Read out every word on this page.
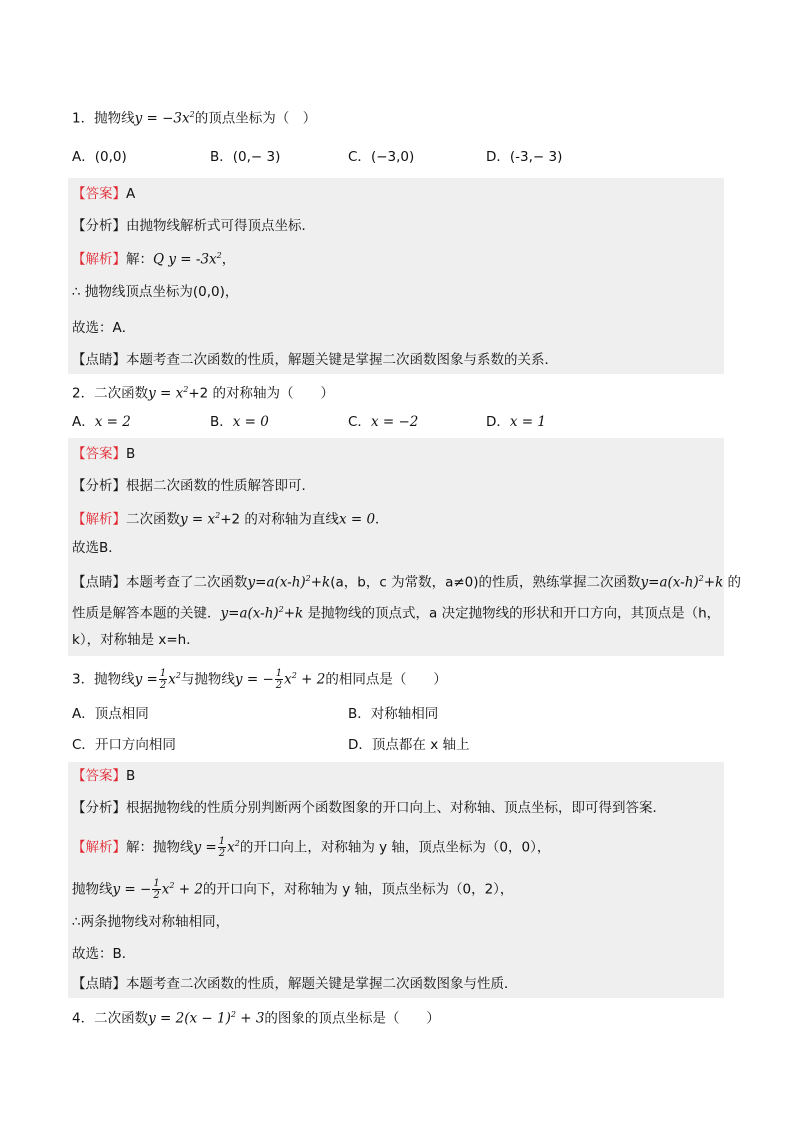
1．抛物线$y = -3x^2$的顶点坐标为（　）
A．(0,0)	B．(0,− 3)	C．(−3,0)	D．(-3,− 3)
【答案】A
【分析】由抛物线解析式可得顶点坐标．
【解析】解：Q $y = -3x^2$，
∴ 抛物线顶点坐标为(0,0)，
故选：A．
【点睛】本题考查二次函数的性质，解题关键是掌握二次函数图象与系数的关系．
2．二次函数$y = x^2+2$ 的对称轴为（　　）
A．x = 2	B．x = 0	C．x = −2	D．x = 1
【答案】B
【分析】根据二次函数的性质解答即可．
【解析】二次函数$y = x^2+2$ 的对称轴为直线x = 0．
故选B．
【点睛】本题考查了二次函数$y=a(x-h)^2+k(a$，b，c 为常数，a≠0)的性质，熟练掌握二次函数$y=a(x-h)^2+k$ 的
性质是解答本题的关键．$y=a(x-h)^2+k$ 是抛物线的顶点式，a 决定抛物线的形状和开口方向，其顶点是（h，
k），对称轴是 x=h．
3．抛物线$y = \frac{1}{2} x^2$与抛物线y = − $\frac{1}{2} x^2 + 2$的相同点是（　　）
A．顶点相同	B．对称轴相同
C．开口方向相同	D．顶点都在 x 轴上
【答案】B
【分析】根据抛物线的性质分别判断两个函数图象的开口向上、对称轴、顶点坐标，即可得到答案．
【解析】解：抛物线$y = \frac{1}{2} x^2$的开口向上，对称轴为 y 轴，顶点坐标为（0，0），
抛物线y = − $\frac{1}{2} x^2 + 2$的开口向下，对称轴为 y 轴，顶点坐标为（0，2），
∴两条抛物线对称轴相同，
故选：B．
【点睛】本题考查二次函数的性质，解题关键是掌握二次函数图象与性质．
4．二次函数$y = 2(x - 1)^2 + 3$的图象的顶点坐标是（　　）
